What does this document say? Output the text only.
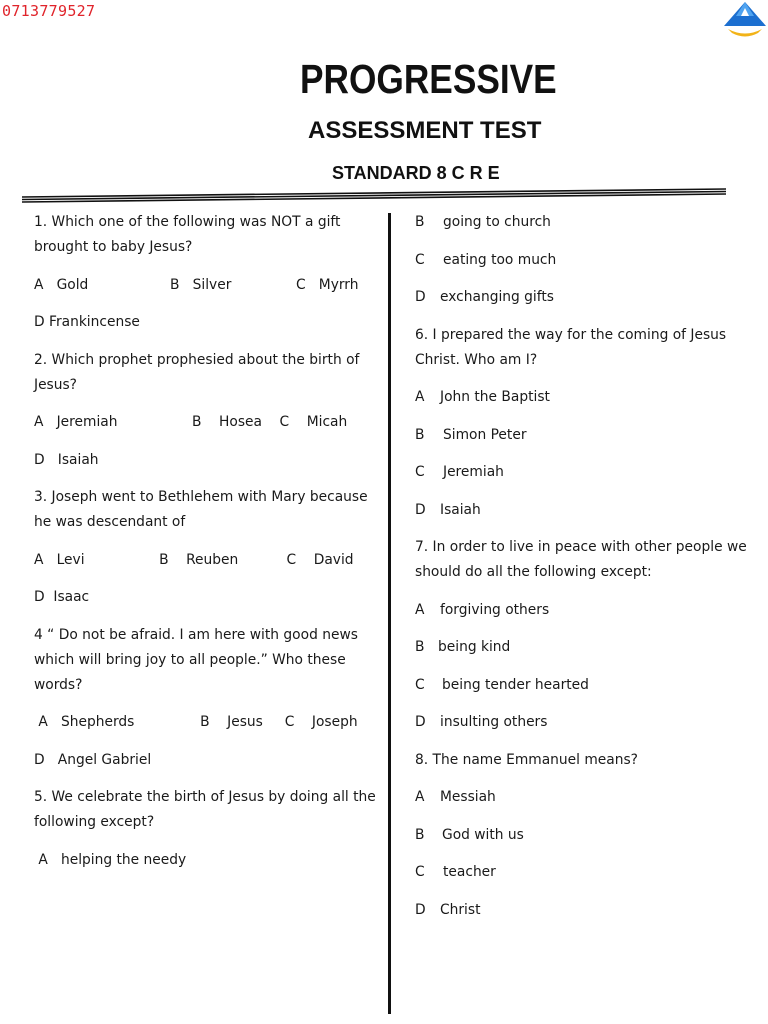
0713779527
PROGRESSIVE
ASSESSMENT TEST
STANDARD 8 C R E
1. Which one of the following was NOT a gift brought to baby Jesus?
A   Gold	B   Silver	C   Myrrh
D Frankincense
2. Which prophet prophesied about the birth of Jesus?
A   Jeremiah                 B    Hosea    C    Micah
D   Isaiah
3. Joseph went to Bethlehem with Mary because he was descendant of
A   Levi                 B    Reuben           C    David
D  Isaac
4 “ Do not be afraid. I am here with good news which will bring joy to all people.” Who these words?
A   Shepherds               B    Jesus     C    Joseph
D   Angel Gabriel
5. We celebrate the birth of Jesus by doing all the following except?
A   helping the needy
B going to church
C eating too much
D exchanging gifts
6. I prepared the way for the coming of Jesus Christ. Who am I?
A John the Baptist
B Simon Peter
C Jeremiah
D Isaiah
7. In order to live in peace with other people we should do all the following except:
A forgiving others
B being kind
C being tender hearted
D insulting others
8. The name Emmanuel means?
A Messiah
B God with us
C teacher
D Christ
